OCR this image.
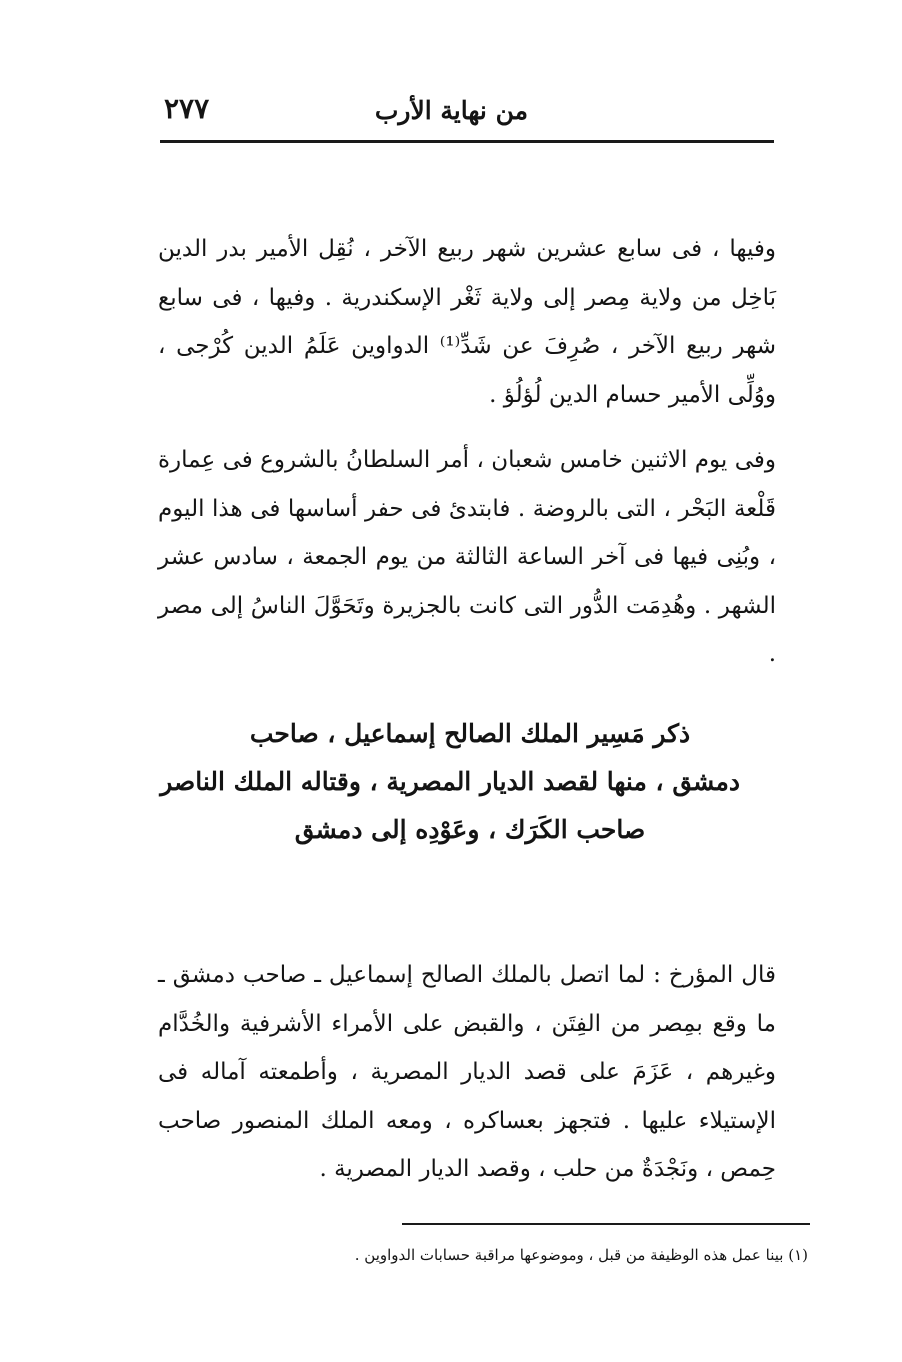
من نهاية الأرب
٢٧٧

وفيها ، فى سابع عشرين شهر ربيع الآخر ، نُقِل الأمير بدر الدين بَاخِل من ولاية مِصر إلى ولاية ثَغْر الإسكندرية . وفيها ، فى سابع شهر ربيع الآخر ، صُرِفَ عن شَدِّ⁽¹⁾ الدواوين عَلَمُ الدين كُرْجى ، ووُلِّى الأمير حسام الدين لُؤلُؤ .

وفى يوم الاثنين خامس شعبان ، أمر السلطانُ بالشروع فى عِمارة قَلْعة البَحْر ، التى بالروضة . فابتدئ فى حفر أساسها فى هذا اليوم ، وبُنِى فيها فى آخر الساعة الثالثة من يوم الجمعة ، سادس عشر الشهر . وهُدِمَت الدُّور التى كانت بالجزيرة وتَحَوَّلَ الناسُ إلى مصر .

ذكر مَسِير الملك الصالح إسماعيل ، صاحب
دمشق ، منها لقصد الديار المصرية ، وقتاله الملك الناصر
صاحب الكَرَك ، وعَوْدِه إلى دمشق

قال المؤرخ : لما اتصل بالملك الصالح إسماعيل ـ صاحب دمشق ـ ما وقع بمِصر من الفِتَن ، والقبض على الأمراء الأشرفية والخُدَّام وغيرهم ، عَزَمَ على قصد الديار المصرية ، وأطمعته آماله فى الإستيلاء عليها . فتجهز بعساكره ، ومعه الملك المنصور صاحب حِمص ، ونَجْدَةٌ من حلب ، وقصد الديار المصرية .

(١) بينا عمل هذه الوظيفة من قبل ، وموضوعها مراقبة حسابات الدواوين .
